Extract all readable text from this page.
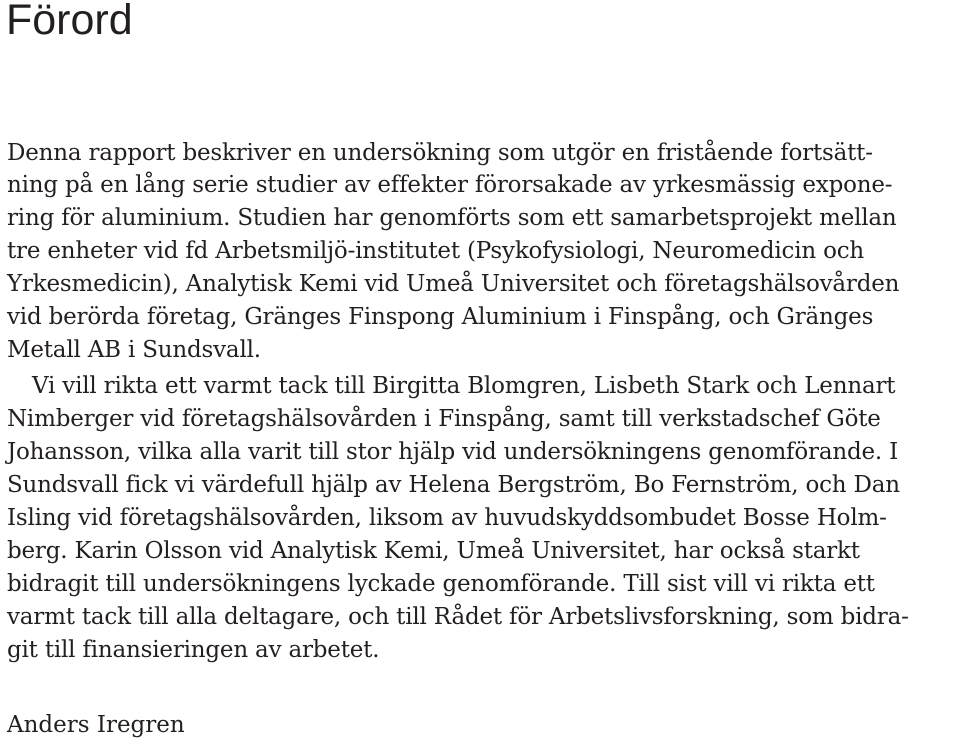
Förord

Denna rapport beskriver en undersökning som utgör en fristående fortsätt-

ning på en lång serie studier av effekter förorsakade av yrkesmässig expone-

ring för aluminium. Studien har genomförts som ett samarbetsprojekt mellan

tre enheter vid fd Arbetsmiljö-institutet (Psykofysiologi, Neuromedicin och

Yrkesmedicin), Analytisk Kemi vid Umeå Universitet och företagshälsovården

vid berörda företag, Gränges Finspong Aluminium i Finspång, och Gränges

Metall AB i Sundsvall.

Vi vill rikta ett varmt tack till Birgitta Blomgren, Lisbeth Stark och Lennart

Nimberger vid företagshälsovården i Finspång, samt till verkstadschef Göte

Johansson, vilka alla varit till stor hjälp vid undersökningens genomförande. I

Sundsvall fick vi värdefull hjälp av Helena Bergström, Bo Fernström, och Dan

Isling vid företagshälsovården, liksom av huvudskyddsombudet Bosse Holm-

berg. Karin Olsson vid Analytisk Kemi, Umeå Universitet, har också starkt

bidragit till undersökningens lyckade genomförande. Till sist vill vi rikta ett

varmt tack till alla deltagare, och till Rådet för Arbetslivsforskning, som bidra-

git till finansieringen av arbetet.

Anders Iregren
